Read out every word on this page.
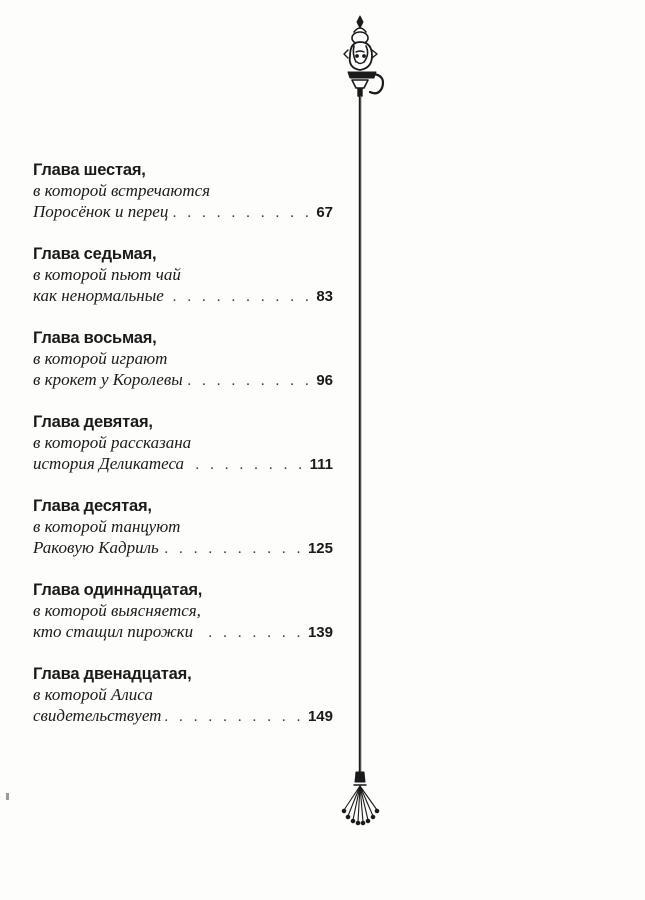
Глава шестая,
в которой встречаются
Поросёнок и перец . . .	67
Глава седьмая,
в которой пьют чай
как ненормальные . . .	83
Глава восьмая,
в которой играют
в крокет у Королевы . . .	96
Глава девятая,
в которой рассказана
история Деликатеса . . .	111
Глава десятая,
в которой танцуют
Раковую Кадриль . . .	125
Глава одиннадцатая,
в которой выясняется,
кто стащил пирожки . . .	139
Глава двенадцатая,
в которой Алиса
свидетельствует . . .	149
